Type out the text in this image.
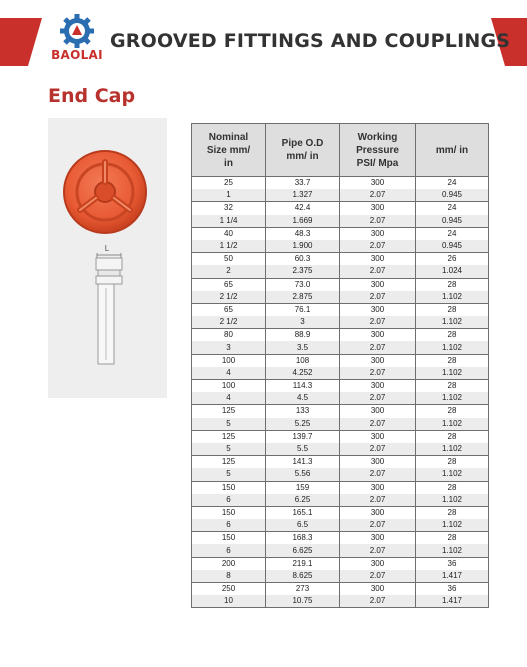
BAOLAI
GROOVED FITTINGS AND COUPLINGS
End Cap
L
Nominal Size mm/ in	Pipe O.D mm/ in	Working Pressure PSI/ Mpa	mm/ in

25	33.7	300	24
1	1.327	2.07	0.945
32	42.4	300	24
1 1/4	1.669	2.07	0.945
40	48.3	300	24
1 1/2	1.900	2.07	0.945
50	60.3	300	26
2	2.375	2.07	1.024
65	73.0	300	28
2 1/2	2.875	2.07	1.102
65	76.1	300	28
2 1/2	3	2.07	1.102
80	88.9	300	28
3	3.5	2.07	1.102
100	108	300	28
4	4.252	2.07	1.102
100	114.3	300	28
4	4.5	2.07	1.102
125	133	300	28
5	5.25	2.07	1.102
125	139.7	300	28
5	5.5	2.07	1.102
125	141.3	300	28
5	5.56	2.07	1.102
150	159	300	28
6	6.25	2.07	1.102
150	165.1	300	28
6	6.5	2.07	1.102
150	168.3	300	28
6	6.625	2.07	1.102
200	219.1	300	36
8	8.625	2.07	1.417
250	273	300	36
10	10.75	2.07	1.417
